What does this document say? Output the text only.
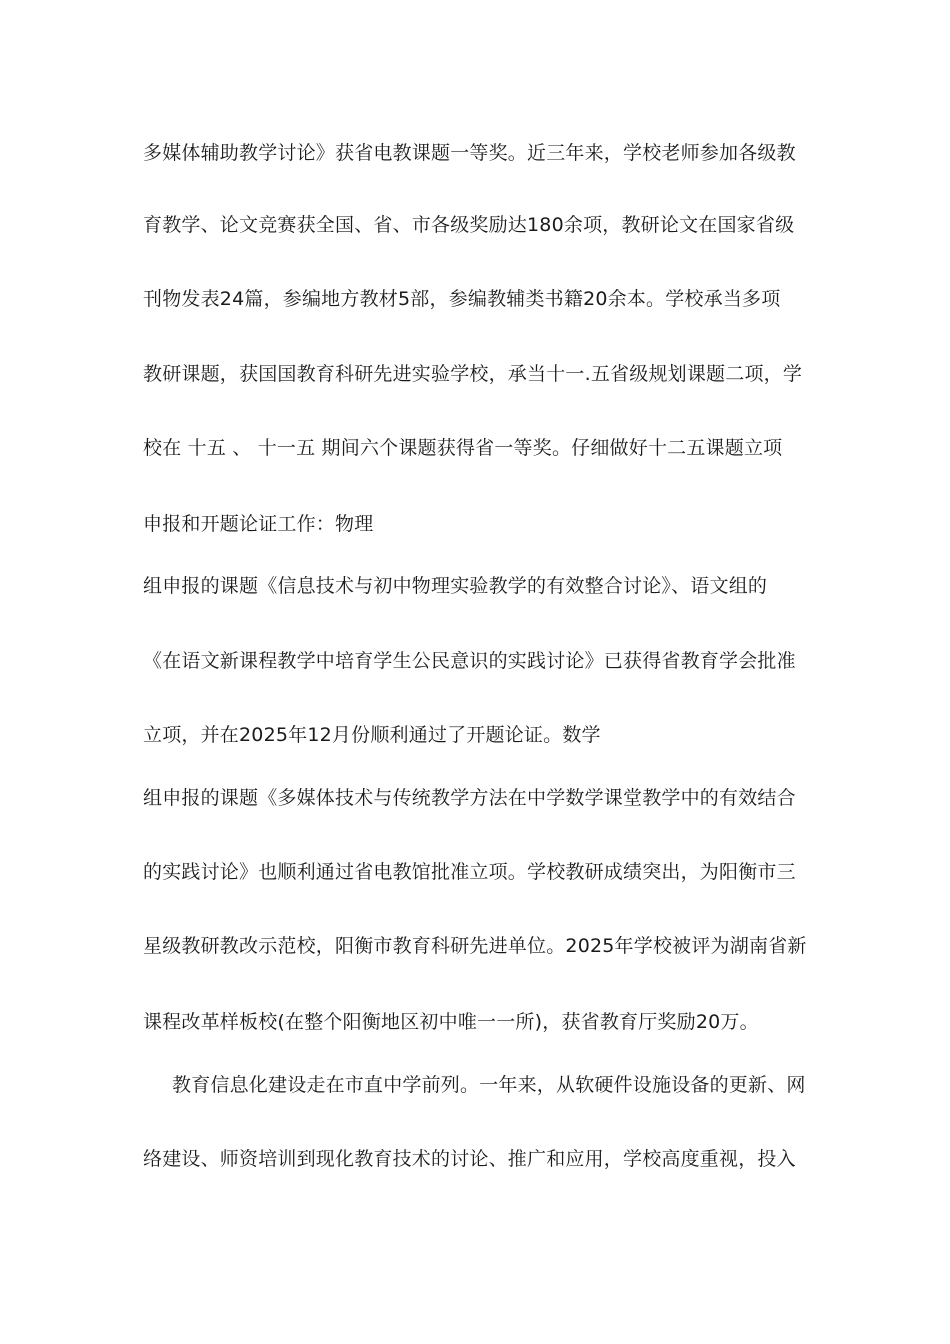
多媒体辅助教学讨论》获省电教课题一等奖。近三年来，学校老师参加各级教
育教学、论文竞赛获全国、省、市各级奖励达180余项，教研论文在国家省级
刊物发表24篇，参编地方教材5部，参编教辅类书籍20余本。学校承当多项
教研课题，获国国教育科研先进实验学校，承当十一.五省级规划课题二项，学
校在 十五 、 十一五 期间六个课题获得省一等奖。仔细做好十二五课题立项
申报和开题论证工作：物理
组申报的课题《信息技术与初中物理实验教学的有效整合讨论》、语文组的
《在语文新课程教学中培育学生公民意识的实践讨论》已获得省教育学会批准
立项，并在2025年12月份顺利通过了开题论证。数学
组申报的课题《多媒体技术与传统教学方法在中学数学课堂教学中的有效结合
的实践讨论》也顺利通过省电教馆批准立项。学校教研成绩突出，为阳衡市三
星级教研教改示范校，阳衡市教育科研先进单位。2025年学校被评为湖南省新
课程改革样板校(在整个阳衡地区初中唯一一所)，获省教育厅奖励20万。
教育信息化建设走在市直中学前列。一年来，从软硬件设施设备的更新、网
络建设、师资培训到现化教育技术的讨论、推广和应用，学校高度重视，投入
